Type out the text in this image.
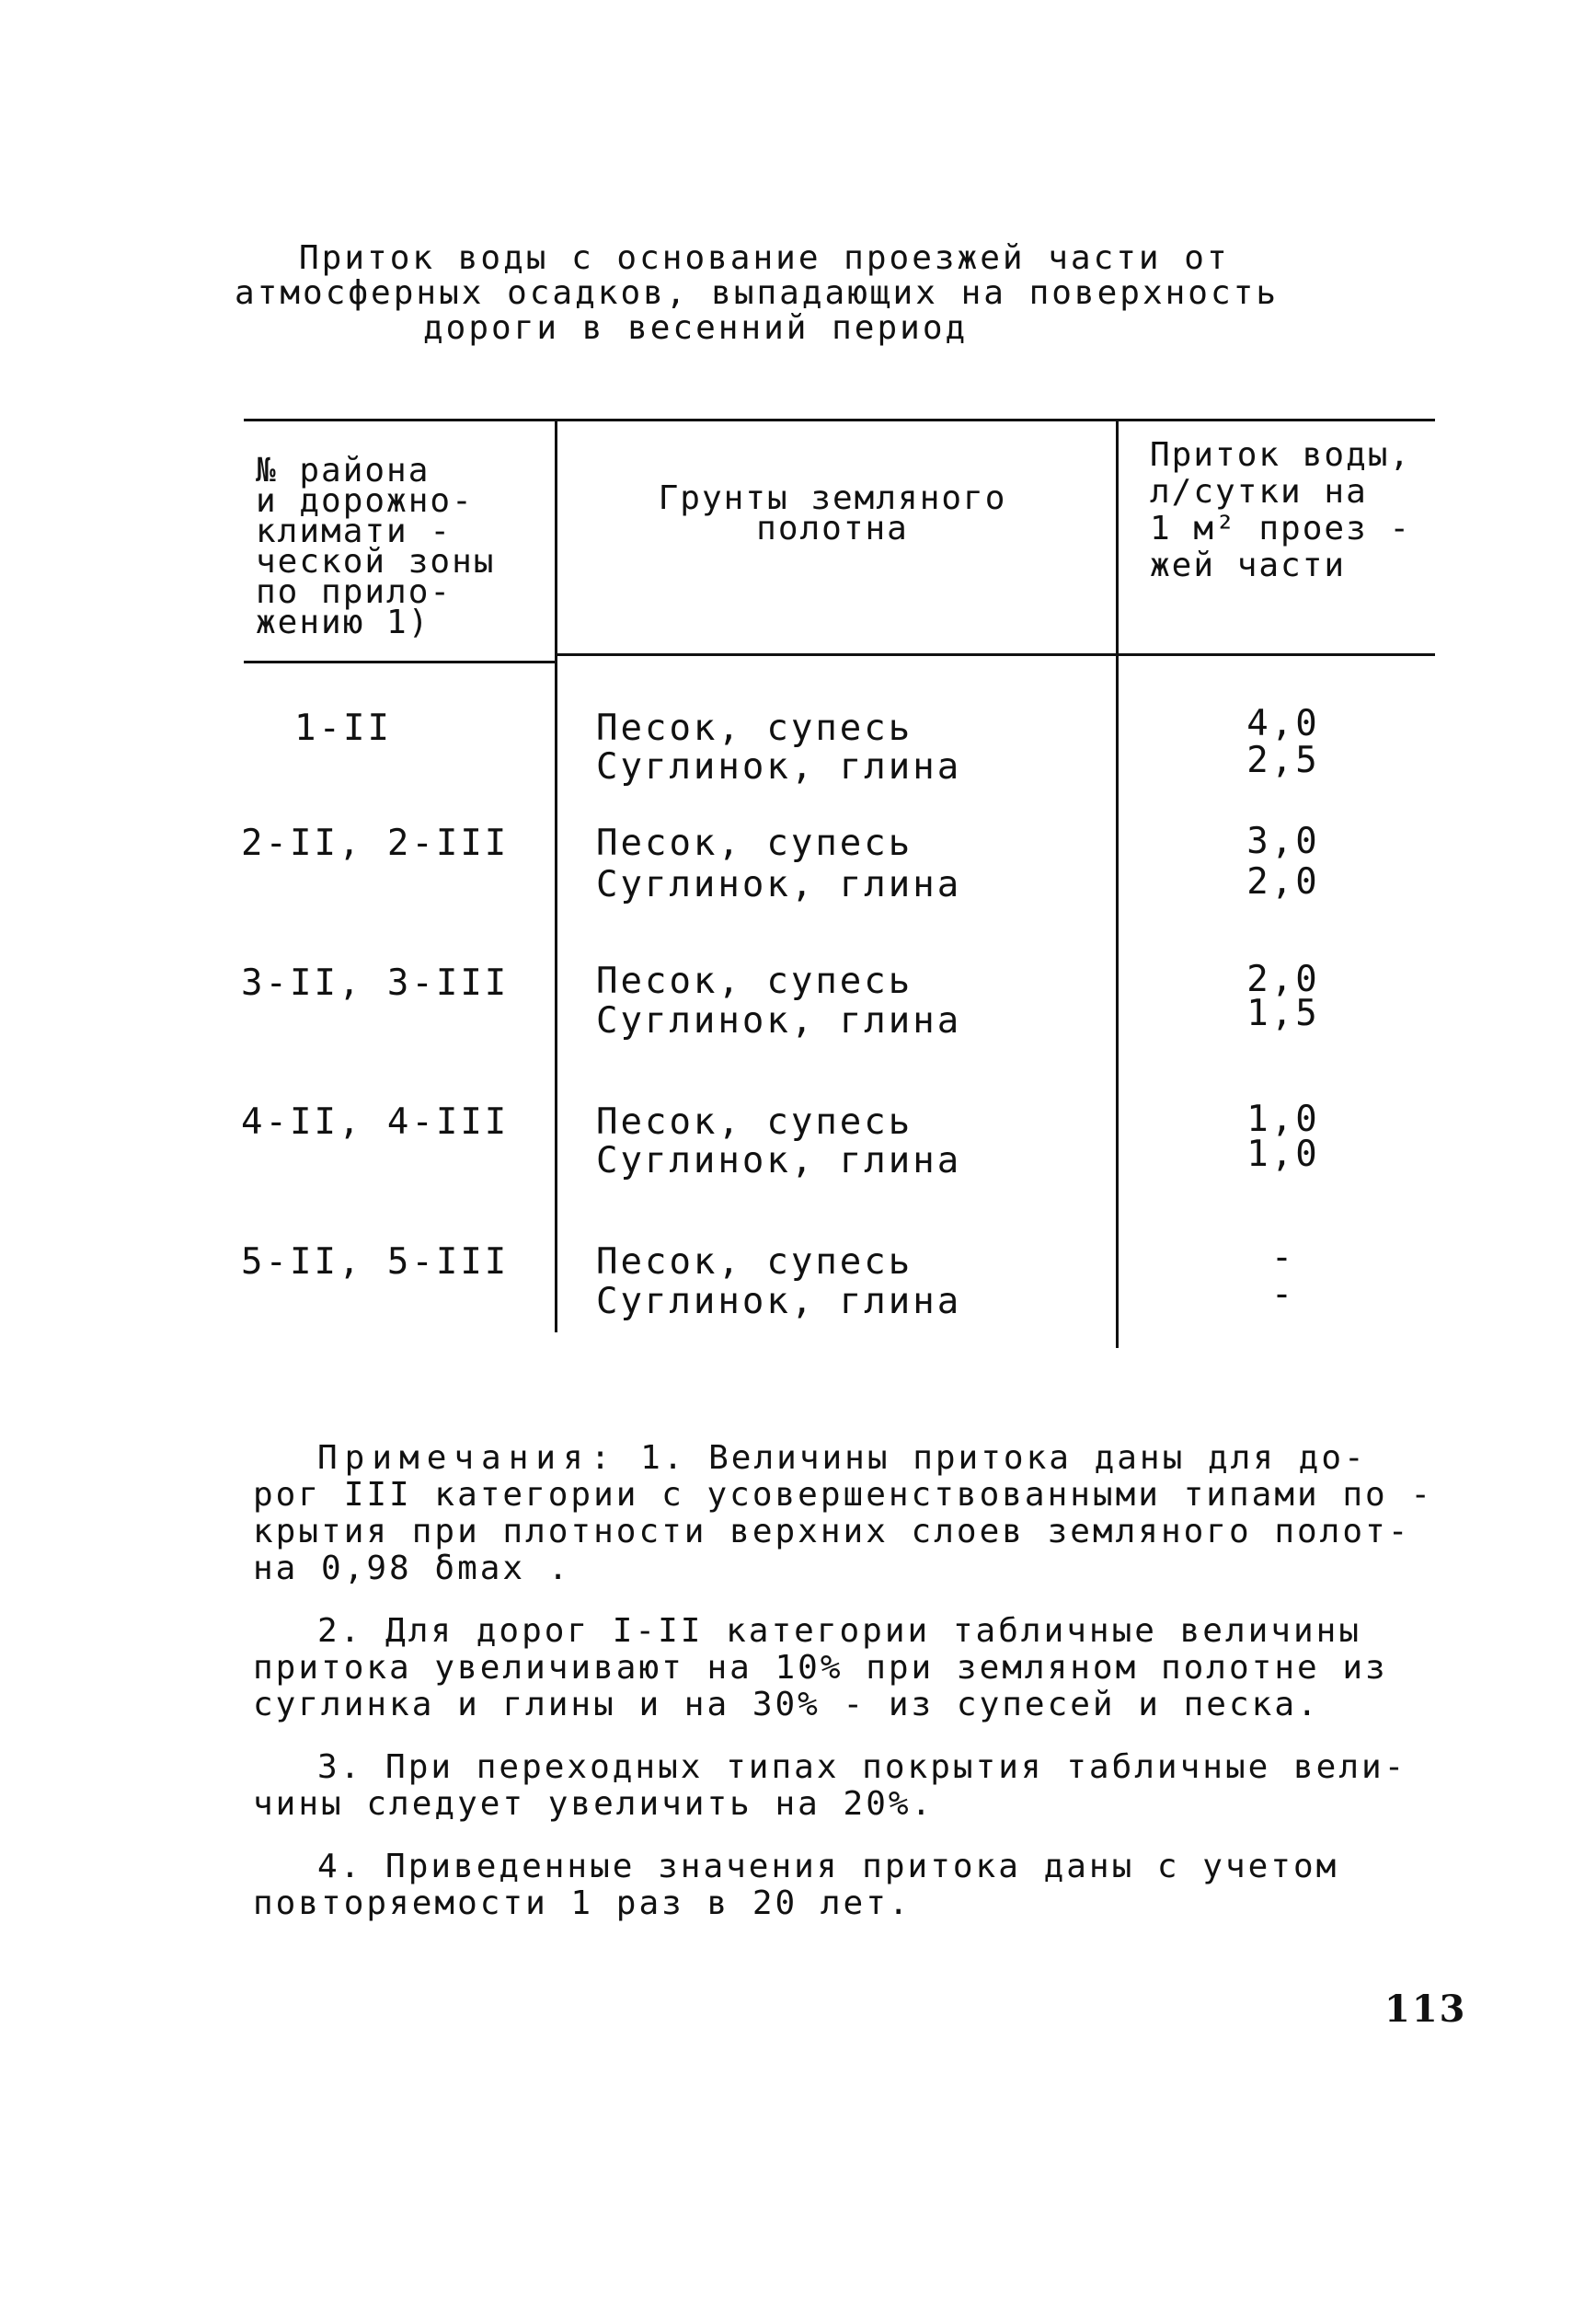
Приток воды с основание проезжей части от
атмосферных осадков, выпадающих на поверхность
дороги в весенний период
№ района
и дорожно-
климати -
ческой зоны
по прило-
жению 1)
Грунты земляного
полотна
Приток воды,
л/сутки на
1 м² проез -
жей части
1-II	Песок, супесь
Суглинок, глина
4,0
2,5
2-II, 2-III Песок, супесь
Суглинок, глина
3,0
2,0
3-II, 3-III Песок, супесь
Суглинок, глина
2,0
1,5
4-II, 4-III Песок, супесь
Суглинок, глина
1,0
1,0
5-II, 5-III Песок, супесь
Суглинок, глина
-
-
Примечания: 1. Величины притока даны для до-
рог III категории с усовершенствованными типами по -
крытия при плотности верхних слоев земляного полот-
на 0,98 δmax .
2. Для дорог I-II категории табличные величины
притока увеличивают на 10% при земляном полотне из
суглинка и глины и на 30% - из супесей и песка.
3. При переходных типах покрытия табличные вели-
чины следует увеличить на 20%.
4. Приведенные значения притока даны с учетом
повторяемости 1 раз в 20 лет.
113
